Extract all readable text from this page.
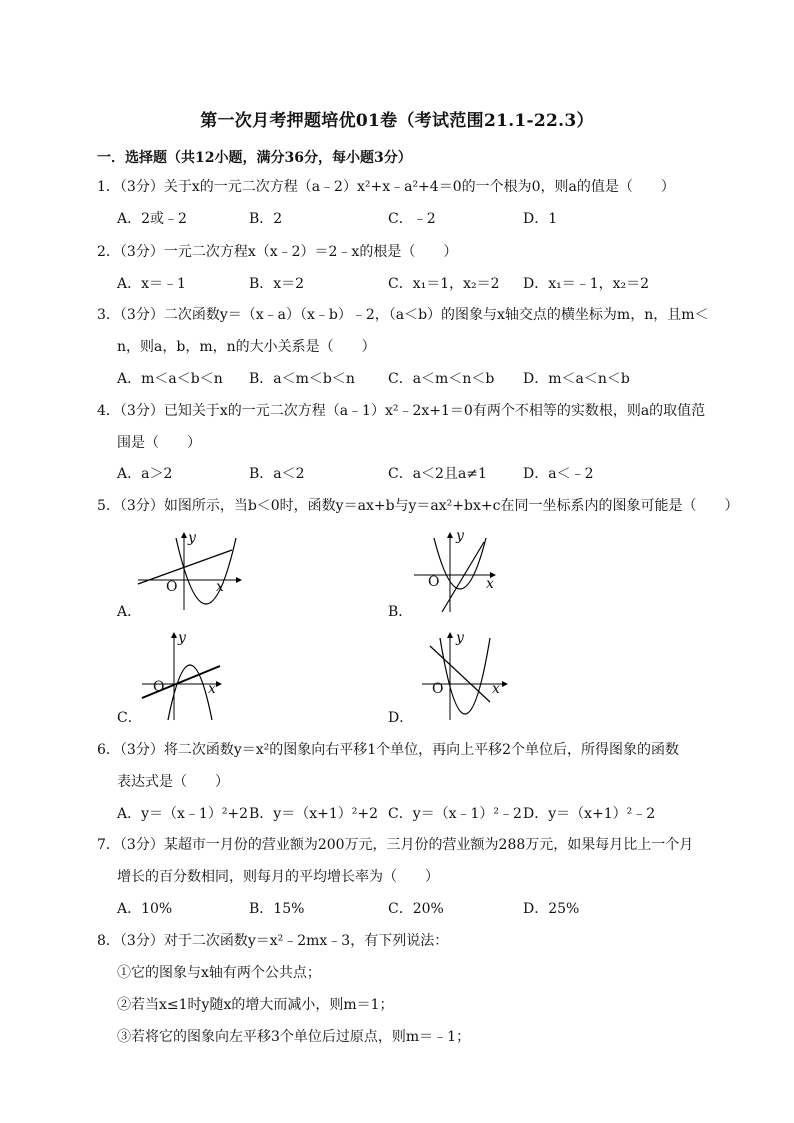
第一次月考押题培优01卷（考试范围21.1-22.3）
一．选择题（共12小题，满分36分，每小题3分）
1．（3分）关于x的一元二次方程（a﹣2）x²+x﹣a²+4＝0的一个根为0，则a的值是（　　）
A．2或﹣2	B．2	C．﹣2	D．1
2．（3分）一元二次方程x（x﹣2）＝2﹣x的根是（　　）
A．x＝﹣1	B．x＝2	C．x₁＝1，x₂＝2 D．x₁＝﹣1，x₂＝2
3．（3分）二次函数y＝（x﹣a）（x﹣b）﹣2，（a＜b）的图象与x轴交点的横坐标为m，n，且m＜
n，则a，b，m，n的大小关系是（　　）
A．m＜a＜b＜n B．a＜m＜b＜n C．a＜m＜n＜b D．m＜a＜n＜b
4．（3分）已知关于x的一元二次方程（a﹣1）x²﹣2x+1＝0有两个不相等的实数根，则a的取值范
围是（　　）
A．a＞2	B．a＜2	C．a＜2且a≠1	D．a＜﹣2
5．（3分）如图所示，当b＜0时，函数y＝ax+b与y＝ax²+bx+c在同一坐标系内的图象可能是（　　）
A．
O	x
y
B．
O	x
y
C．
O	x
y
D．
O	x
y
6．（3分）将二次函数y＝x²的图象向右平移1个单位，再向上平移2个单位后，所得图象的函数
表达式是（　　）
A．y＝（x﹣1）²+2 B．y＝（x+1）²+2 C．y＝（x﹣1）²﹣2 D．y＝（x+1）²﹣2
7．（3分）某超市一月份的营业额为200万元，三月份的营业额为288万元，如果每月比上一个月
增长的百分数相同，则每月的平均增长率为（　　）
A．10%	B．15%	C．20%	D．25%
8．（3分）对于二次函数y＝x²﹣2mx﹣3，有下列说法：
①它的图象与x轴有两个公共点；
②若当x≤1时y随x的增大而减小，则m＝1；
③若将它的图象向左平移3个单位后过原点，则m＝﹣1；
